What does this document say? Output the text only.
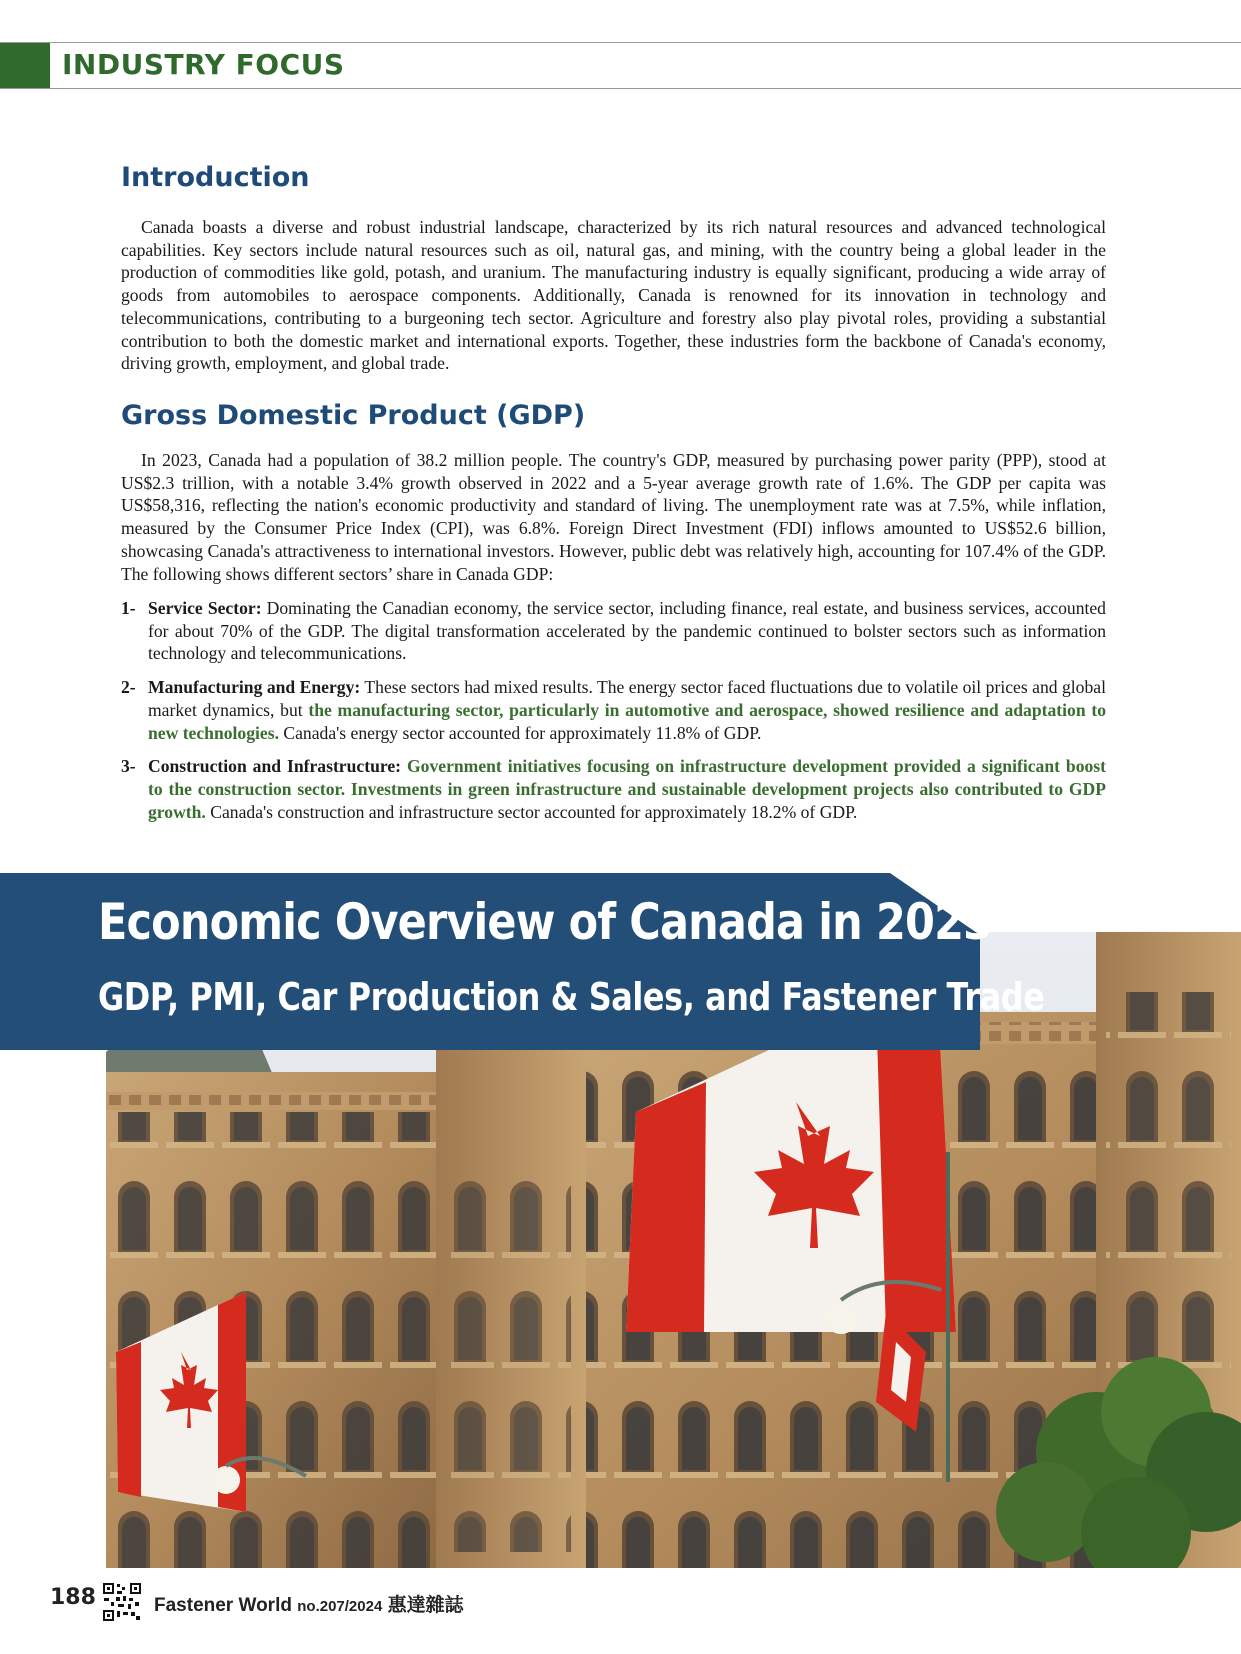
INDUSTRY FOCUS
Introduction

Canada boasts a diverse and robust industrial landscape, characterized by its rich natural resources and advanced technological capabilities. Key sectors include natural resources such as oil, natural gas, and mining, with the country being a global leader in the production of commodities like gold, potash, and uranium. The manufacturing industry is equally significant, producing a wide array of goods from automobiles to aerospace components. Additionally, Canada is renowned for its innovation in technology and telecommunications, contributing to a burgeoning tech sector. Agriculture and forestry also play pivotal roles, providing a substantial contribution to both the domestic market and international exports. Together, these industries form the backbone of Canada's economy, driving growth, employment, and global trade.

Gross Domestic Product (GDP)

In 2023, Canada had a population of 38.2 million people. The country's GDP, measured by purchasing power parity (PPP), stood at US$2.3 trillion, with a notable 3.4% growth observed in 2022 and a 5-year average growth rate of 1.6%. The GDP per capita was US$58,316, reflecting the nation's economic productivity and standard of living. The unemployment rate was at 7.5%, while inflation, measured by the Consumer Price Index (CPI), was 6.8%. Foreign Direct Investment (FDI) inflows amounted to US$52.6 billion, showcasing Canada's attractiveness to international investors. However, public debt was relatively high, accounting for 107.4% of the GDP. The following shows different sectors’ share in Canada GDP:

1- Service Sector: Dominating the Canadian economy, the service sector, including finance, real estate, and business services, accounted for about 70% of the GDP. The digital transformation accelerated by the pandemic continued to bolster sectors such as information technology and telecommunications.
2- Manufacturing and Energy: These sectors had mixed results. The energy sector faced fluctuations due to volatile oil prices and global market dynamics, but the manufacturing sector, particularly in automotive and aerospace, showed resilience and adaptation to new technologies. Canada's energy sector accounted for approximately 11.8% of GDP.
3- Construction and Infrastructure: Government initiatives focusing on infrastructure development provided a significant boost to the construction sector. Investments in green infrastructure and sustainable development projects also contributed to GDP growth. Canada's construction and infrastructure sector accounted for approximately 18.2% of GDP.
Economic Overview of Canada in 2023
GDP, PMI, Car Production & Sales, and Fastener Trade
188	Fastener World no.207/2024 惠達雜誌
